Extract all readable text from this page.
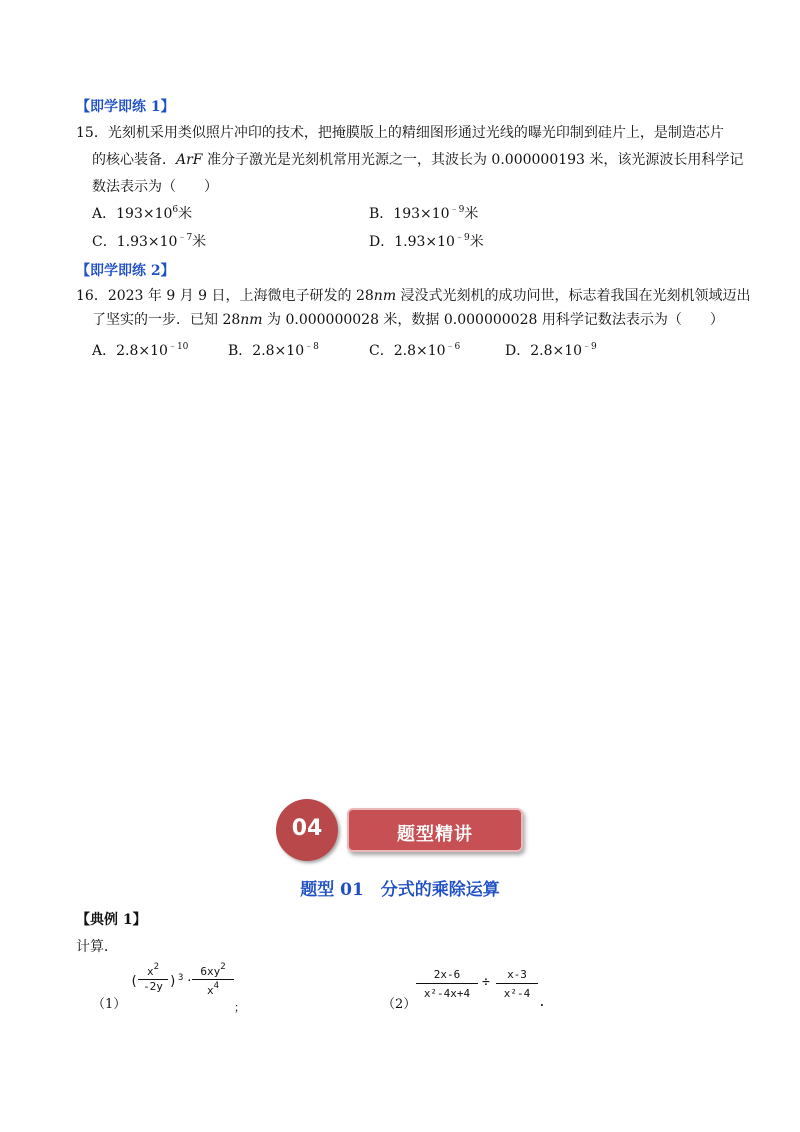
【即学即练 1】
15．光刻机采用类似照片冲印的技术，把掩膜版上的精细图形通过光线的曝光印制到硅片上，是制造芯片
的核心装备．ArF 准分子激光是光刻机常用光源之一，其波长为 0.000000193 米，该光源波长用科学记
数法表示为（　　）
A．$193\times 10^6$米	B．$193\times 10^{﹣9}$米
C．$1.93\times 10^{﹣7}$米	D．$1.93\times 10^{﹣9}$米
【即学即练 2】
16．2023 年 9 月 9 日，上海微电子研发的 28nm 浸没式光刻机的成功问世，标志着我国在光刻机领域迈出
了坚实的一步．已知 28nm 为 0.000000028 米，数据 0.000000028 用科学记数法表示为（　　）
A．$2.8\times 10^{﹣10}$	B．$2.8\times 10^{﹣8}$	C．$2.8\times 10^{﹣6}$	D．$2.8\times 10^{﹣9}$
04	题型精讲
题型 01　分式的乘除运算
【典例 1】
计算．
（1）
( $\frac{x^2}{-2y}$ ) $3 \cdot \frac{6xy^2}{x^4}$
；	（2）
$\frac{2x-6}{\text{x²-4x+4}} \div \frac{x-3}{\text{x²-4}}$
.
